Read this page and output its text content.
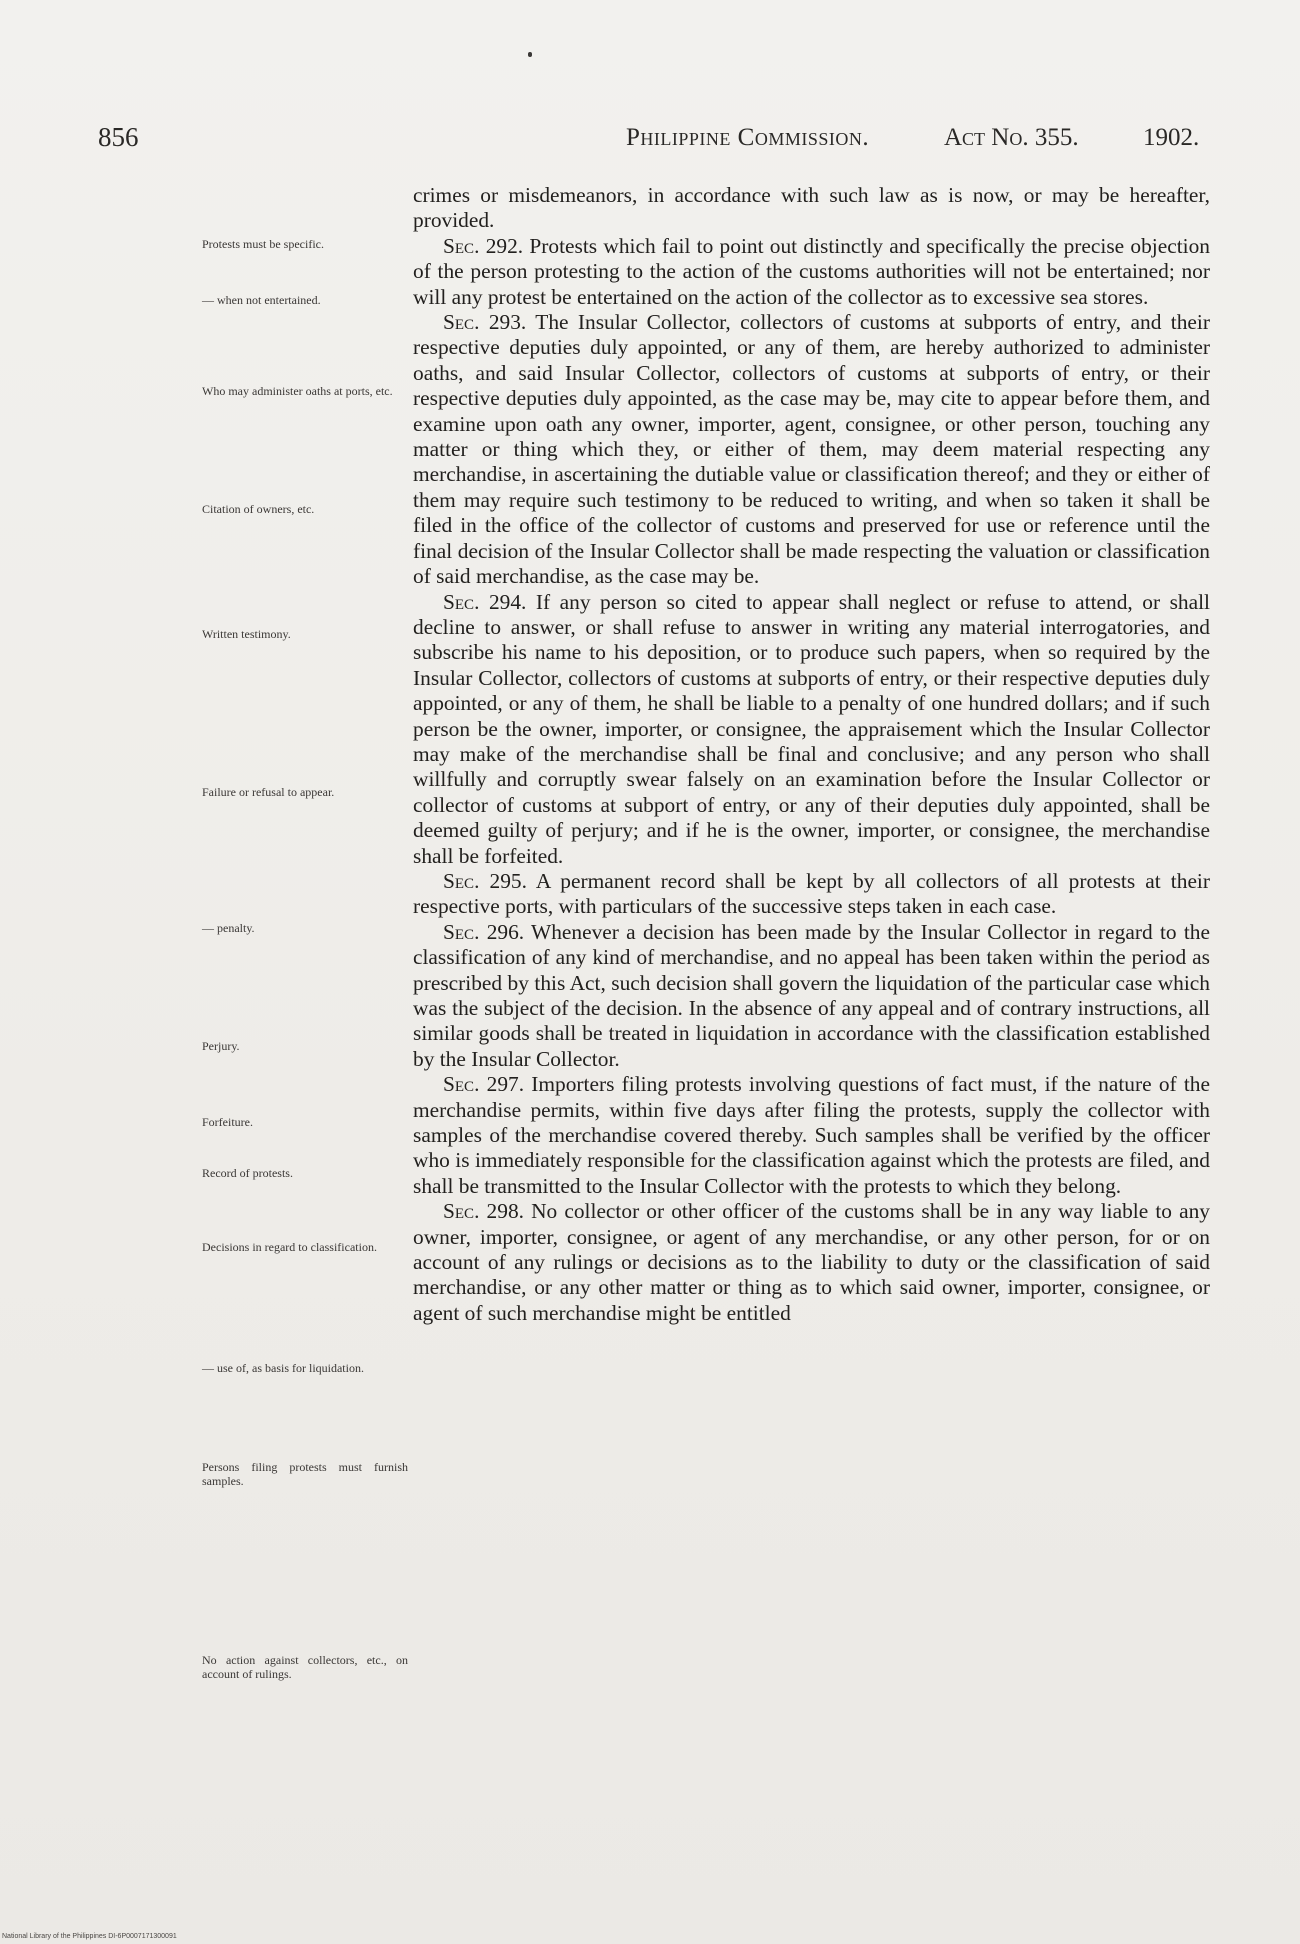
856	Philippine Commission.	Act No. 355.	1902.

crimes or misdemeanors, in accordance with such law as is now, or may be hereafter, provided.

Sec. 292. Protests which fail to point out distinctly and specifically the precise objection of the person protesting to the action of the customs authorities will not be entertained; nor will any protest be entertained on the action of the collector as to excessive sea stores.

Sec. 293. The Insular Collector, collectors of customs at subports of entry, and their respective deputies duly appointed, or any of them, are hereby authorized to administer oaths, and said Insular Collector, collectors of customs at subports of entry, or their respective deputies duly appointed, as the case may be, may cite to appear before them, and examine upon oath any owner, importer, agent, consignee, or other person, touching any matter or thing which they, or either of them, may deem material respecting any merchandise, in ascertaining the dutiable value or classification thereof; and they or either of them may require such testimony to be reduced to writing, and when so taken it shall be filed in the office of the collector of customs and preserved for use or reference until the final decision of the Insular Collector shall be made respecting the valuation or classification of said merchandise, as the case may be.

Sec. 294. If any person so cited to appear shall neglect or refuse to attend, or shall decline to answer, or shall refuse to answer in writing any material interrogatories, and subscribe his name to his deposition, or to produce such papers, when so required by the Insular Collector, collectors of customs at subports of entry, or their respective deputies duly appointed, or any of them, he shall be liable to a penalty of one hundred dollars; and if such person be the owner, importer, or consignee, the appraisement which the Insular Collector may make of the merchandise shall be final and conclusive; and any person who shall willfully and corruptly swear falsely on an examination before the Insular Collector or collector of customs at subport of entry, or any of their deputies duly appointed, shall be deemed guilty of perjury; and if he is the owner, importer, or consignee, the merchandise shall be forfeited.

Sec. 295. A permanent record shall be kept by all collectors of all protests at their respective ports, with particulars of the successive steps taken in each case.

Sec. 296. Whenever a decision has been made by the Insular Collector in regard to the classification of any kind of merchandise, and no appeal has been taken within the period as prescribed by this Act, such decision shall govern the liquidation of the particular case which was the subject of the decision. In the absence of any appeal and of contrary instructions, all similar goods shall be treated in liquidation in accordance with the classification established by the Insular Collector.

Sec. 297. Importers filing protests involving questions of fact must, if the nature of the merchandise permits, within five days after filing the protests, supply the collector with samples of the merchandise covered thereby. Such samples shall be verified by the officer who is immediately responsible for the classification against which the protests are filed, and shall be transmitted to the Insular Collector with the protests to which they belong.

Sec. 298. No collector or other officer of the customs shall be in any way liable to any owner, importer, consignee, or agent of any merchandise, or any other person, for or on account of any rulings or decisions as to the liability to duty or the classification of said merchandise, or any other matter or thing as to which said owner, importer, consignee, or agent of such merchandise might be entitled

Protests must be specific.
— when not entertained.
Who may administer oaths at ports, etc.
Citation of owners, etc.
Written testimony.
Failure or refusal to appear.
— penalty.
Perjury.
Forfeiture.
Record of protests.
Decisions in regard to classification.
— use of, as basis for liquidation.
Persons filing protests must furnish samples.
No action against collectors, etc., on account of rulings.
National Library of the Philippines DI-6P0007171300091
